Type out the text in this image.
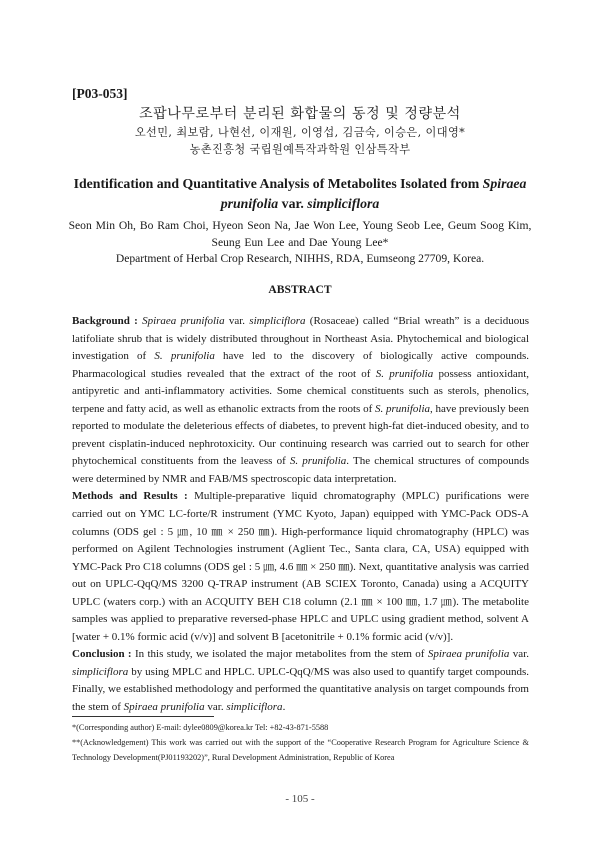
[P03-053]
조팝나무로부터 분리된 화합물의 동정 및 정량분석
오선민, 최보람, 나현선, 이재원, 이영섭, 김금숙, 이승은, 이대영*
농촌진흥청 국립원예특작과학원 인삼특작부
Identification and Quantitative Analysis of Metabolites Isolated from Spiraea prunifolia var. simpliciflora
Seon Min Oh, Bo Ram Choi, Hyeon Seon Na, Jae Won Lee, Young Seob Lee, Geum Soog Kim, Seung Eun Lee and Dae Young Lee*
Department of Herbal Crop Research, NIHHS, RDA, Eumseong 27709, Korea.
ABSTRACT

Background : Spiraea prunifolia var. simpliciflora (Rosaceae) called “Brial wreath” is a deciduous latifoliate shrub that is widely distributed throughout in Northeast Asia. Phytochemical and biological investigation of S. prunifolia have led to the discovery of biologically active compounds. Pharmacological studies revealed that the extract of the root of S. prunifolia possess antioxidant, antipyretic and anti-inflammatory activities. Some chemical constituents such as sterols, phenolics, terpene and fatty acid, as well as ethanolic extracts from the roots of S. prunifolia, have previously been reported to modulate the deleterious effects of diabetes, to prevent high-fat diet-induced obesity, and to prevent cisplatin-induced nephrotoxicity. Our continuing research was carried out to search for other phytochemical constituents from the leavess of S. prunifolia. The chemical structures of compounds were determined by NMR and FAB/MS spectroscopic data interpretation.

Methods and Results : Multiple-preparative liquid chromatography (MPLC) purifications were carried out on YMC LC-forte/R instrument (YMC Kyoto, Japan) equipped with YMC-Pack ODS-A columns (ODS gel : 5 ㎛, 10 ㎜ × 250 ㎜). High-performance liquid chromatography (HPLC) was performed on Agilent Technologies instrument (Aglient Tec., Santa clara, CA, USA) equipped with YMC-Pack Pro C18 columns (ODS gel : 5 ㎛, 4.6 ㎜ × 250 ㎜). Next, quantitative analysis was carried out on UPLC-QqQ/MS 3200 Q-TRAP instrument (AB SCIEX Toronto, Canada) using a ACQUITY UPLC (waters corp.) with an ACQUITY BEH C18 column (2.1 ㎜ × 100 ㎜, 1.7 ㎛). The metabolite samples was applied to preparative reversed-phase HPLC and UPLC using gradient method, solvent A [water + 0.1% formic acid (v/v)] and solvent B [acetonitrile + 0.1% formic acid (v/v)].

Conclusion : In this study, we isolated the major metabolites from the stem of Spiraea prunifolia var. simpliciflora by using MPLC and HPLC. UPLC-QqQ/MS was also used to quantify target compounds. Finally, we established methodology and performed the quantitative analysis on target compounds from the stem of Spiraea prunifolia var. simpliciflora.

*(Corresponding author) E-mail: dylee0809@korea.kr Tel: +82-43-871-5588

**(Acknowledgement) This work was carried out with the support of the “Cooperative Research Program for Agriculture Science & Technology Development(PJ01193202)”, Rural Development Administration, Republic of Korea

- 105 -
